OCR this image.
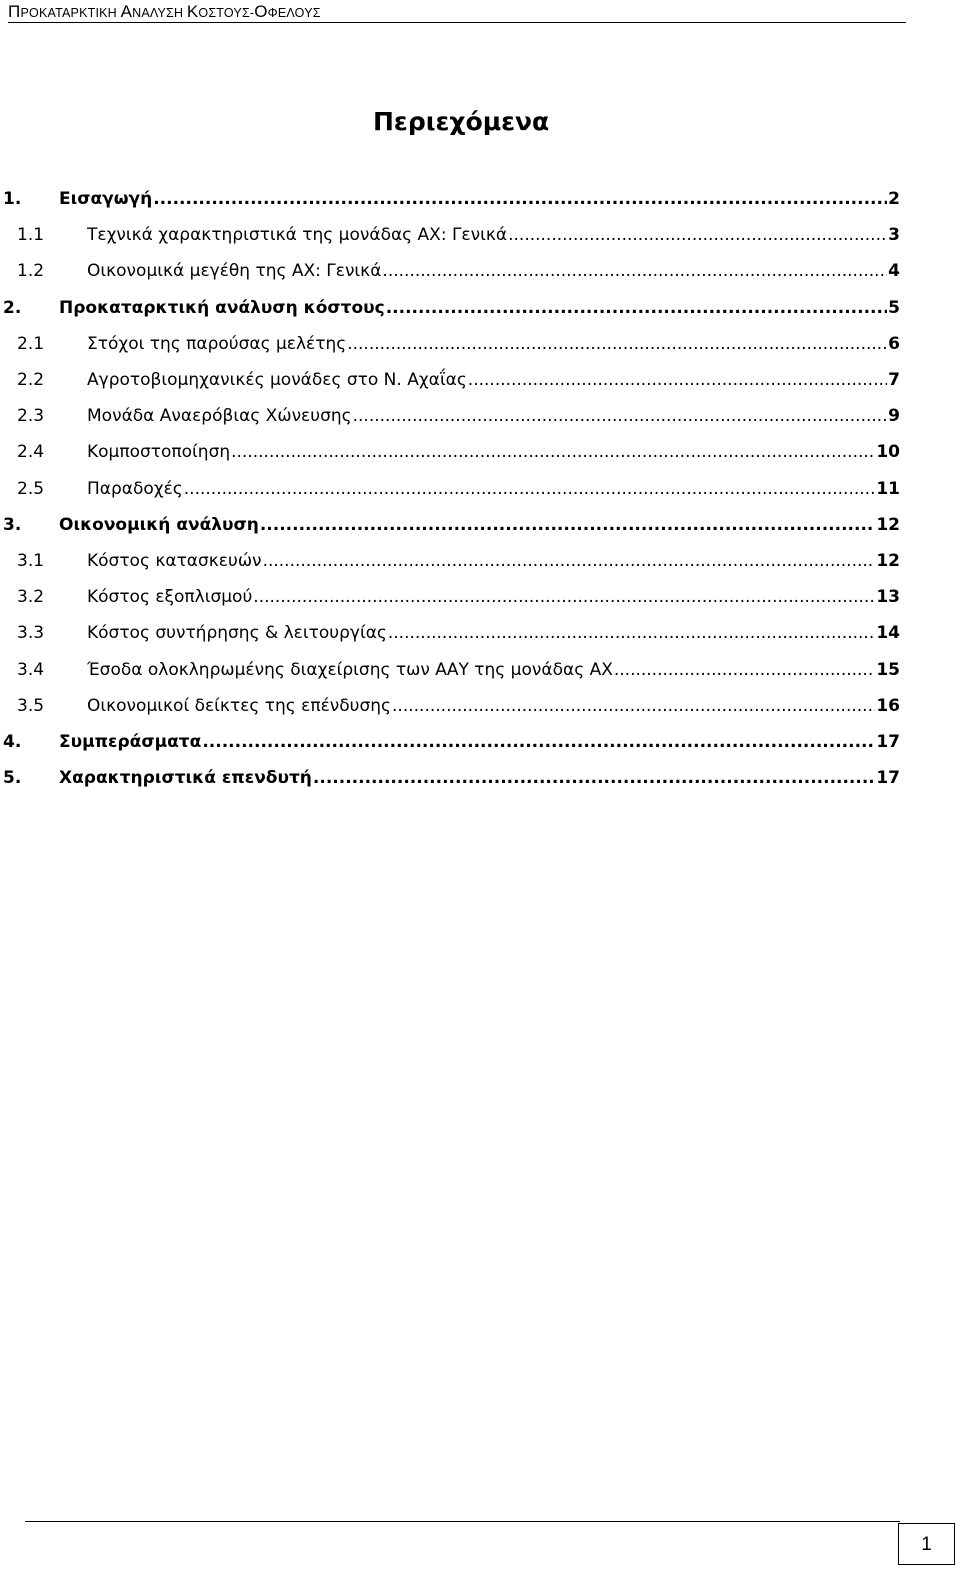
ΠΡΟΚΑΤΑΡΚΤΙΚΗ ΑΝΑΛΥΣΗ ΚΟΣΤΟΥΣ-ΟΦΕΛΟΥΣ
Περιεχόμενα
1. Εισαγωγή .....	2
1.1	Τεχνικά χαρακτηριστικά της μονάδας ΑΧ: Γενικά .....	3
1.2	Οικονομικά μεγέθη της ΑΧ: Γενικά .....	4
2. Προκαταρκτική ανάλυση κόστους .....	5
2.1	Στόχοι της παρούσας μελέτης .....	6
2.2	Αγροτοβιομηχανικές μονάδες στο Ν. Αχαΐας .....	7
2.3	Μονάδα Αναερόβιας Χώνευσης .....	9
2.4	Κομποστοποίηση .....	10
2.5	Παραδοχές .....	11
3. Οικονομική ανάλυση .....	12
3.1	Κόστος κατασκευών .....	12
3.2	Κόστος εξοπλισμού .....	13
3.3	Κόστος συντήρησης & λειτουργίας .....	14
3.4	Έσοδα ολοκληρωμένης διαχείρισης των ΑΑΥ της μονάδας ΑΧ .....	15
3.5	Οικονομικοί δείκτες της επένδυσης .....	16
4. Συμπεράσματα .....	17
5. Χαρακτηριστικά επενδυτή .....	17
1
